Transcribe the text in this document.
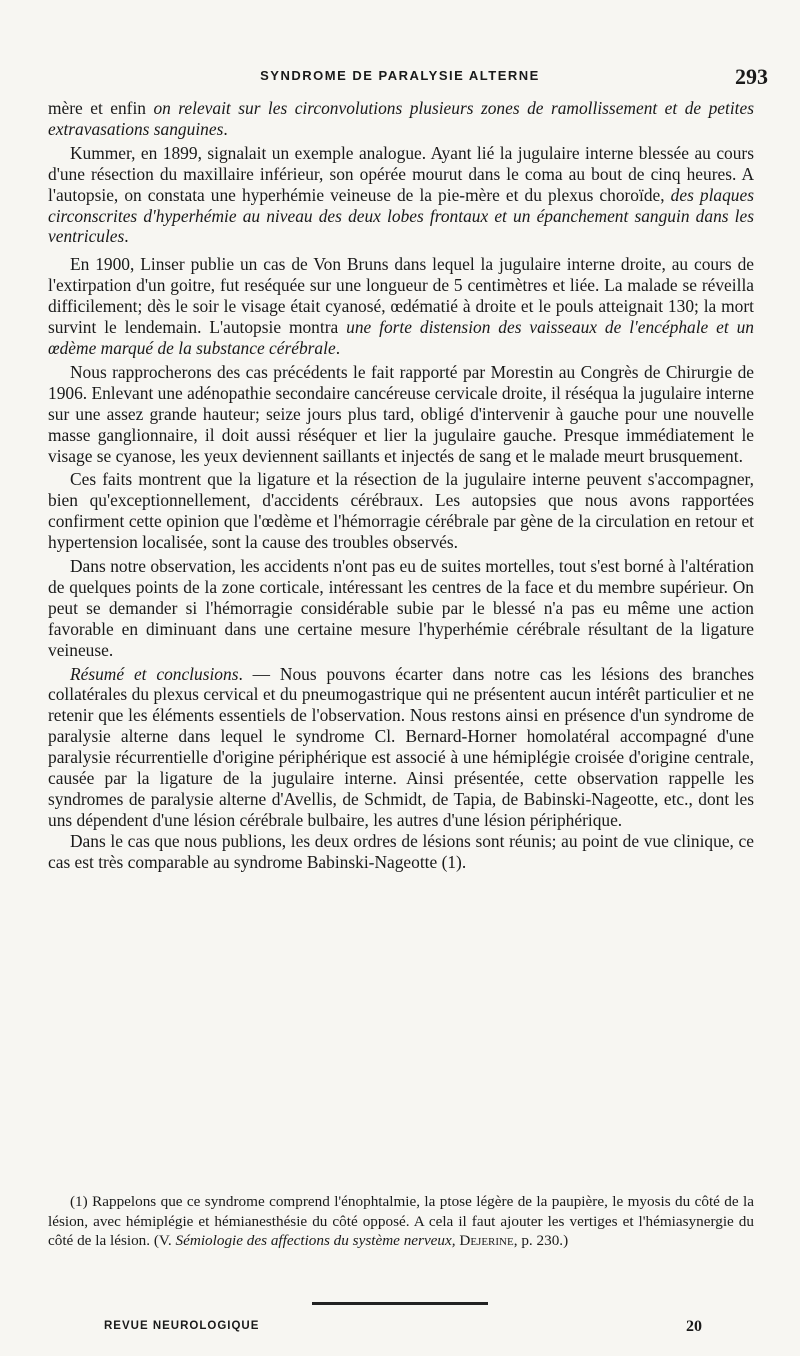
SYNDROME DE PARALYSIE ALTERNE	293

mère et enfin on relevait sur les circonvolutions plusieurs zones de ramollissement et de petites extravasations sanguines.

Kummer, en 1899, signalait un exemple analogue. Ayant lié la jugulaire interne blessée au cours d'une résection du maxillaire inférieur, son opérée mourut dans le coma au bout de cinq heures. A l'autopsie, on constata une hyperhémie veineuse de la pie-mère et du plexus choroïde, des plaques circonscrites d'hyperhémie au niveau des deux lobes frontaux et un épanchement sanguin dans les ventricules.

En 1900, Linser publie un cas de Von Bruns dans lequel la jugulaire interne droite, au cours de l'extirpation d'un goitre, fut reséquée sur une longueur de 5 centimètres et liée. La malade se réveilla difficilement; dès le soir le visage était cyanosé, œdématié à droite et le pouls atteignait 130; la mort survint le lendemain. L'autopsie montra une forte distension des vaisseaux de l'encéphale et un œdème marqué de la substance cérébrale.

Nous rapprocherons des cas précédents le fait rapporté par Morestin au Congrès de Chirurgie de 1906. Enlevant une adénopathie secondaire cancéreuse cervicale droite, il réséqua la jugulaire interne sur une assez grande hauteur; seize jours plus tard, obligé d'intervenir à gauche pour une nouvelle masse ganglionnaire, il doit aussi réséquer et lier la jugulaire gauche. Presque immédiatement le visage se cyanose, les yeux deviennent saillants et injectés de sang et le malade meurt brusquement.

Ces faits montrent que la ligature et la résection de la jugulaire interne peuvent s'accompagner, bien qu'exceptionnellement, d'accidents cérébraux. Les autopsies que nous avons rapportées confirment cette opinion que l'œdème et l'hémorragie cérébrale par gène de la circulation en retour et hypertension localisée, sont la cause des troubles observés.

Dans notre observation, les accidents n'ont pas eu de suites mortelles, tout s'est borné à l'altération de quelques points de la zone corticale, intéressant les centres de la face et du membre supérieur. On peut se demander si l'hémorragie considérable subie par le blessé n'a pas eu même une action favorable en diminuant dans une certaine mesure l'hyperhémie cérébrale résultant de la ligature veineuse.

Résumé et conclusions. — Nous pouvons écarter dans notre cas les lésions des branches collatérales du plexus cervical et du pneumogastrique qui ne présentent aucun intérêt particulier et ne retenir que les éléments essentiels de l'observation. Nous restons ainsi en présence d'un syndrome de paralysie alterne dans lequel le syndrome Cl. Bernard-Horner homolatéral accompagné d'une paralysie récurrentielle d'origine périphérique est associé à une hémiplégie croisée d'origine centrale, causée par la ligature de la jugulaire interne. Ainsi présentée, cette observation rappelle les syndromes de paralysie alterne d'Avellis, de Schmidt, de Tapia, de Babinski-Nageotte, etc., dont les uns dépendent d'une lésion cérébrale bulbaire, les autres d'une lésion périphérique.

Dans le cas que nous publions, les deux ordres de lésions sont réunis; au point de vue clinique, ce cas est très comparable au syndrome Babinski-Nageotte (1).

(1) Rappelons que ce syndrome comprend l'énophtalmie, la ptose légère de la paupière, le myosis du côté de la lésion, avec hémiplégie et hémianesthésie du côté opposé. A cela il faut ajouter les vertiges et l'hémiasynergie du côté de la lésion. (V. Sémiologie des affections du système nerveux, Dejerine, p. 230.)
REVUE NEUROLOGIQUE	20
